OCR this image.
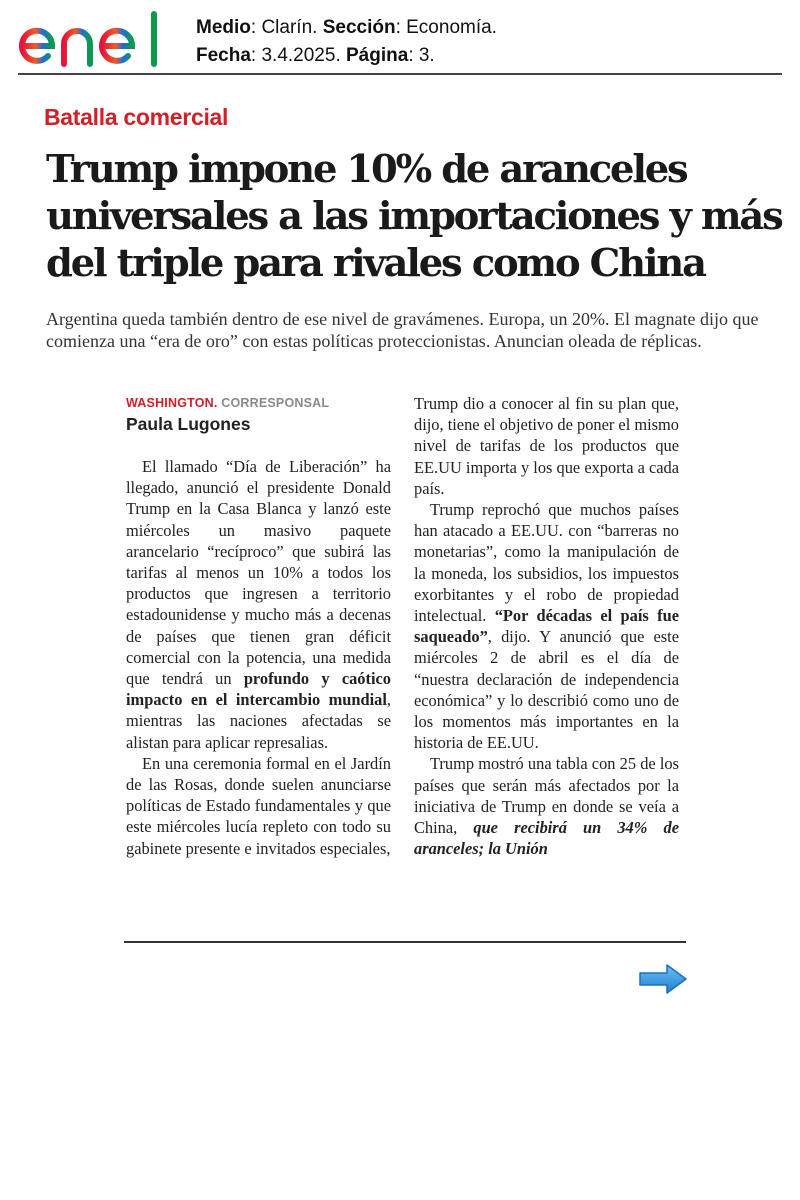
Medio: Clarín. Sección: Economía.
Fecha: 3.4.2025. Página: 3.
Batalla comercial
Trump impone 10% de aranceles
universales a las importaciones y más
del triple para rivales como China
Argentina queda también dentro de ese nivel de gravámenes. Europa, un 20%. El magnate dijo que comienza una “era de oro” con estas políticas proteccionistas. Anuncian oleada de réplicas.
WASHINGTON. CORRESPONSAL
Paula Lugones

El llamado “Día de Liberación” ha llegado, anunció el presidente Donald Trump en la Casa Blanca y lanzó este miércoles un masivo paquete arancelario “recíproco” que subirá las tarifas al menos un 10% a todos los productos que ingresen a territorio estadounidense y mucho más a decenas de países que tienen gran déficit comercial con la potencia, una medida que tendrá un profundo y caótico impacto en el intercambio mundial, mientras las naciones afectadas se alistan para aplicar represalias.

En una ceremonia formal en el Jardín de las Rosas, donde suelen anunciarse políticas de Estado fundamentales y que este miércoles lucía repleto con todo su gabinete presente e invitados especiales,

Trump dio a conocer al fin su plan que, dijo, tiene el objetivo de poner el mismo nivel de tarifas de los productos que EE.UU importa y los que exporta a cada país.

Trump reprochó que muchos países han atacado a EE.UU. con “barreras no monetarias”, como la manipulación de la moneda, los subsidios, los impuestos exorbitantes y el robo de propiedad intelectual. “Por décadas el país fue saqueado”, dijo. Y anunció que este miércoles 2 de abril es el día de “nuestra declaración de independencia económica” y lo describió como uno de los momentos más importantes en la historia de EE.UU.

Trump mostró una tabla con 25 de los países que serán más afectados por la iniciativa de Trump en donde se veía a China, que recibirá un 34% de aranceles; la Unión
